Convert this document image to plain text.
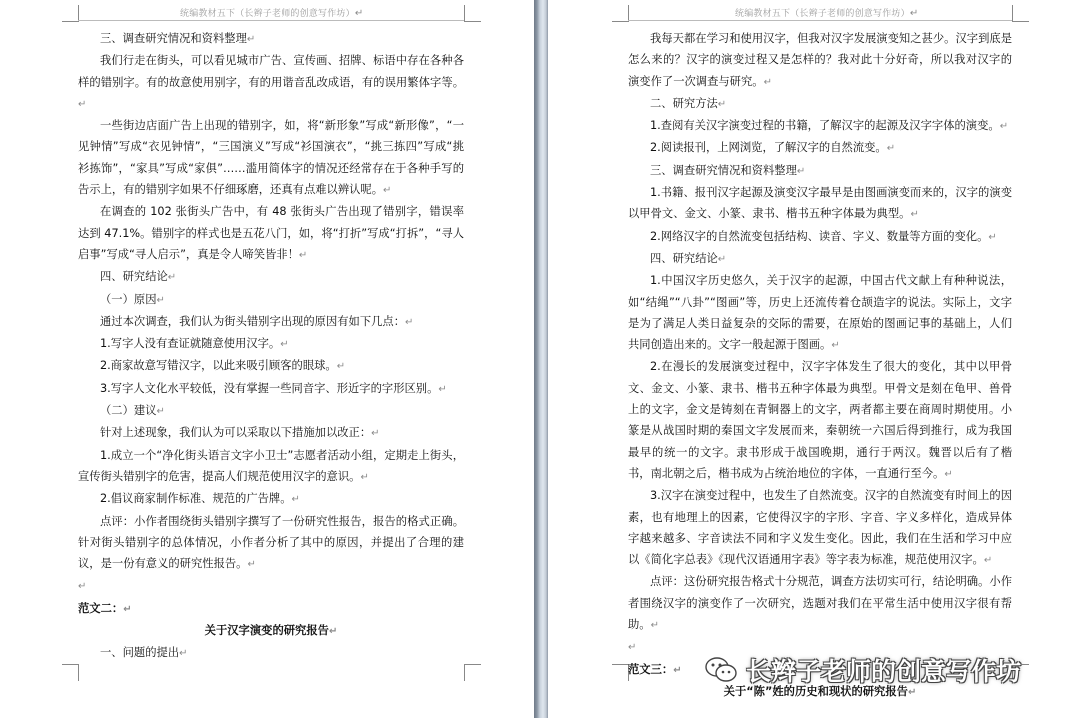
统编教材五下（长辫子老师的创意写作坊）↵

三、调查研究情况和资料整理↵

我们行走在街头，可以看见城市广告、宣传画、招牌、标语中存在各种各样的错别字。有的故意使用别字，有的用谐音乱改成语，有的误用繁体字等。↵

一些街边店面广告上出现的错别字，如，将“新形象”写成“新形像”，“一见钟情”写成“衣见钟情”，“三国演义”写成“衫国演衣”，“挑三拣四”写成“挑衫拣饰”，“家具”写成“家俱”……滥用简体字的情况还经常存在于各种手写的告示上，有的错别字如果不仔细琢磨，还真有点难以辨认呢。↵

在调查的 102 张街头广告中，有 48 张街头广告出现了错别字，错误率达到 47.1%。错别字的样式也是五花八门，如，将“打折”写成“打拆”，“寻人启事”写成“寻人启示”，真是令人啼笑皆非！↵

四、研究结论↵

（一）原因↵

通过本次调查，我们认为街头错别字出现的原因有如下几点：↵

1.写字人没有查证就随意使用汉字。↵

2.商家故意写错汉字，以此来吸引顾客的眼球。↵

3.写字人文化水平较低，没有掌握一些同音字、形近字的字形区别。↵

（二）建议↵

针对上述现象，我们认为可以采取以下措施加以改正：↵

1.成立一个“净化街头语言文字小卫士”志愿者活动小组，定期走上街头，宣传街头错别字的危害，提高人们规范使用汉字的意识。↵

2.倡议商家制作标准、规范的广告牌。↵

点评：小作者围绕街头错别字撰写了一份研究性报告，报告的格式正确。针对街头错别字的总体情况，小作者分析了其中的原因，并提出了合理的建议，是一份有意义的研究性报告。↵

↵

范文二：↵

关于汉字演变的研究报告↵

一、问题的提出↵

统编教材五下（长辫子老师的创意写作坊）↵

我每天都在学习和使用汉字，但我对汉字发展演变知之甚少。汉字到底是怎么来的？汉字的演变过程又是怎样的？我对此十分好奇，所以我对汉字的演变作了一次调查与研究。↵

二、研究方法↵

1.查阅有关汉字演变过程的书籍，了解汉字的起源及汉字字体的演变。↵

2.阅读报刊，上网浏览，了解汉字的自然流变。↵

三、调查研究情况和资料整理↵

1.书籍、报刊汉字起源及演变汉字最早是由图画演变而来的，汉字的演变以甲骨文、金文、小篆、隶书、楷书五种字体最为典型。↵

2.网络汉字的自然流变包括结构、读音、字义、数量等方面的变化。↵

四、研究结论↵

1.中国汉字历史悠久，关于汉字的起源，中国古代文献上有种种说法，如“结绳”“八卦”“图画”等，历史上还流传着仓颉造字的说法。实际上，文字是为了满足人类日益复杂的交际的需要，在原始的图画记事的基础上，人们共同创造出来的。文字一般起源于图画。↵

2.在漫长的发展演变过程中，汉字字体发生了很大的变化，其中以甲骨文、金文、小篆、隶书、楷书五种字体最为典型。甲骨文是刻在龟甲、兽骨上的文字，金文是铸刻在青铜器上的文字，两者都主要在商周时期使用。小篆是从战国时期的秦国文字发展而来，秦朝统一六国后得到推行，成为我国最早的统一的文字。隶书形成于战国晚期，通行于两汉。魏晋以后有了楷书，南北朝之后，楷书成为占统治地位的字体，一直通行至今。↵

3.汉字在演变过程中，也发生了自然流变。汉字的自然流变有时间上的因素，也有地理上的因素，它使得汉字的字形、字音、字义多样化，造成异体字越来越多、字音读法不同和字义发生变化。因此，我们在生活和学习中应以《简化字总表》《现代汉语通用字表》等字表为标准，规范使用汉字。↵

点评：这份研究报告格式十分规范，调查方法切实可行，结论明确。小作者围绕汉字的演变作了一次研究，选题对我们在平常生活中使用汉字很有帮助。↵

↵

范文三：↵

关于“陈”姓的历史和现状的研究报告↵

长辫子老师的创意写作坊
